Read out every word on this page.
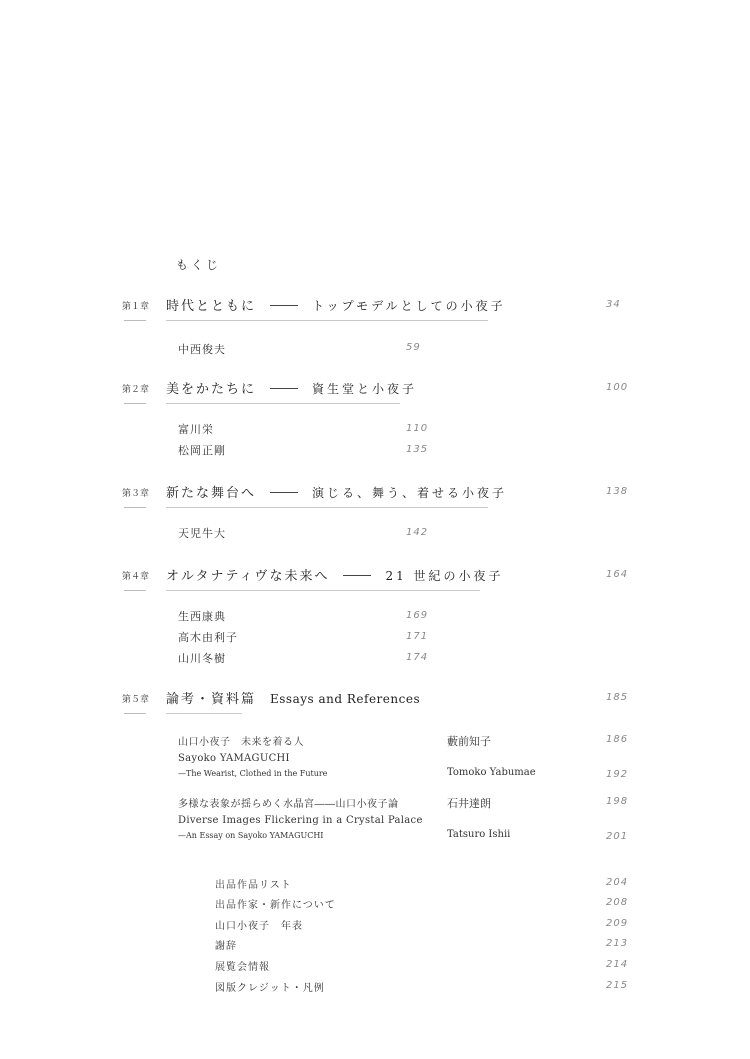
もくじ
第１章 時代とともに	トップモデルとしての小夜子	34
中西俊夫	59
第２章 美をかたちに	資生堂と小夜子	100
富川栄	110
松岡正剛	135
第３章 新たな舞台へ	演じる、舞う、着せる小夜子	138
天児牛大	142
第４章 オルタナティヴな未来へ	21 世紀の小夜子	164
生西康典	169
高木由利子	171
山川冬樹	174
第５章 論考・資料篇 Essays and References	185
山口小夜子　未来を着る人	藪前知子	186
Sayoko YAMAGUCHI
—The Wearist, Clothed in the Future	Tomoko Yabumae	192
多様な表象が揺らめく水晶宮――山口小夜子論	石井達朗	198
Diverse Images Flickering in a Crystal Palace
—An Essay on Sayoko YAMAGUCHI	Tatsuro Ishii	201
出品作品リスト	204
出品作家・新作について	208
山口小夜子　年表	209
謝辞	213
展覧会情報	214
図版クレジット・凡例	215
